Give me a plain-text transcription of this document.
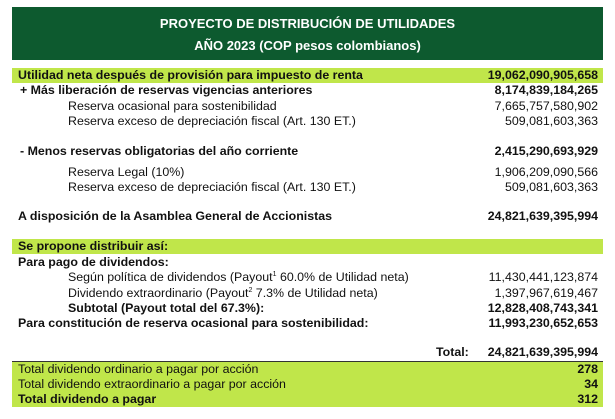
PROYECTO DE DISTRIBUCIÓN DE UTILIDADES
AÑO 2023 (COP pesos colombianos)
Utilidad neta después de provisión para impuesto de renta	19,062,090,905,658
+ Más liberación de reservas vigencias anteriores	8,174,839,184,265
Reserva ocasional para sostenibilidad	7,665,757,580,902
Reserva exceso de depreciación fiscal (Art. 130 ET.)	509,081,603,363
- Menos reservas obligatorias del año corriente	2,415,290,693,929
Reserva Legal (10%)	1,906,209,090,566
Reserva exceso de depreciación fiscal (Art. 130 ET.)	509,081,603,363
A disposición de la Asamblea General de Accionistas	24,821,639,395,994
Se propone distribuir así:
Para pago de dividendos:
Según política de dividendos (Payout$^1$ 60.0% de Utilidad neta)	11,430,441,123,874
Dividendo extraordinario (Payout$^2$ 7.3% de Utilidad neta)	1,397,967,619,467
Subtotal (Payout total del 67.3%):	12,828,408,743,341
Para constitución de reserva ocasional para sostenibilidad:	11,993,230,652,653
Total: 24,821,639,395,994
Total dividendo ordinario a pagar por acción	278
Total dividendo extraordinario a pagar por acción	34
Total dividendo a pagar	312
